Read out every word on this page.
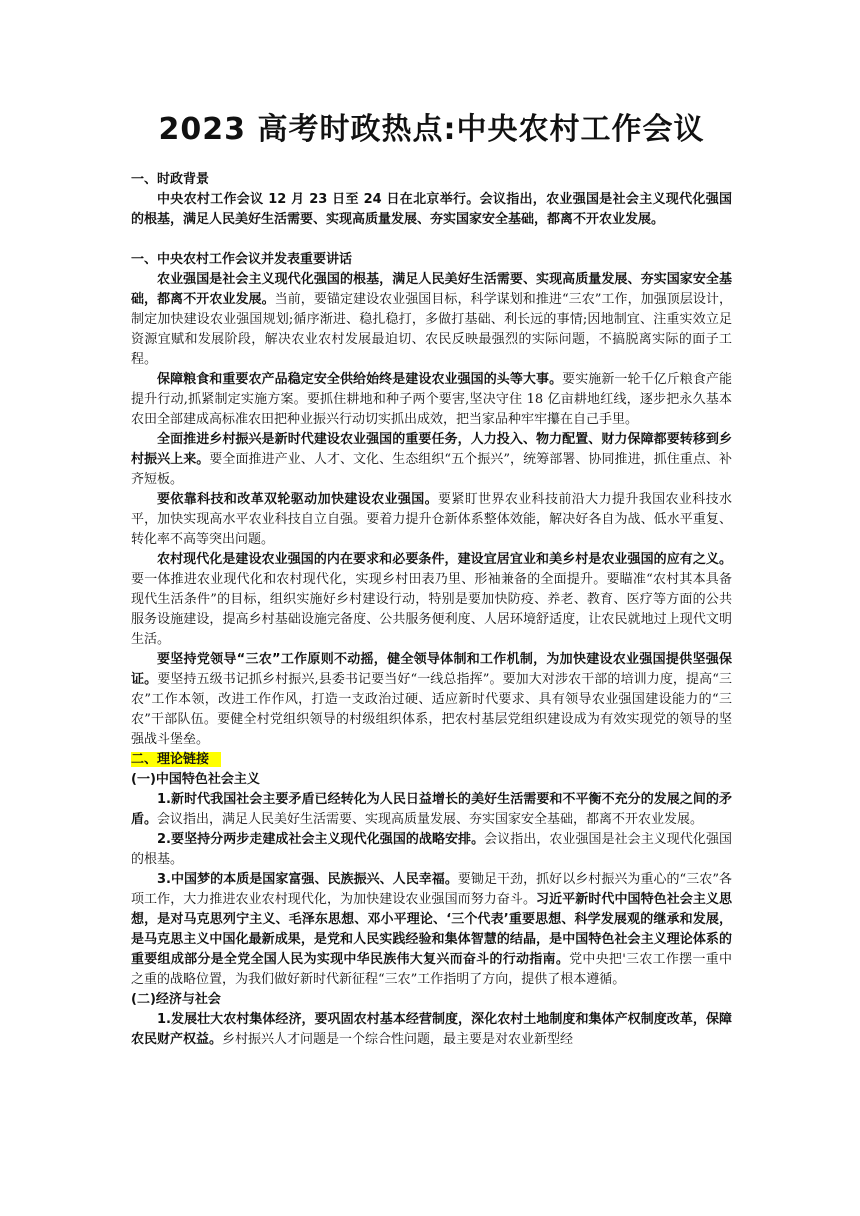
2023 高考时政热点:中央农村工作会议

一、时政背景

中央农村工作会议 12 月 23 日至 24 日在北京举行。会议指出，农业强国是社会主义现代化强国的根基，满足人民美好生活需要、实现高质量发展、夯实国家安全基础，都离不开农业发展。

一、中央农村工作会议并发表重要讲话

农业强国是社会主义现代化强国的根基，满足人民美好生活需要、实现高质量发展、夯实国家安全基础，都离不开农业发展。当前，要锚定建设农业强国目标，科学谋划和推进“三农”工作，加强顶层设计，制定加快建设农业强国规划;循序渐进、稳扎稳打，多做打基础、利长远的事情;因地制宜、注重实效立足资源宜赋和发展阶段，解决农业农村发展最迫切、农民反映最强烈的实际问题，不搞脱离实际的面子工程。

保障粮食和重要农产品稳定安全供给始终是建设农业强国的头等大事。要实施新一轮千亿斤粮食产能提升行动,抓紧制定实施方案。要抓住耕地和种子两个要害,坚决守住 18 亿亩耕地红线，逐步把永久基本农田全部建成高标准农田把种业振兴行动切实抓出成效，把当家品种牢牢攥在自己手里。

全面推进乡村振兴是新时代建设农业强国的重要任务，人力投入、物力配置、财力保障都要转移到乡村振兴上来。要全面推进产业、人才、文化、生态组织“五个振兴”，统筹部署、协同推进，抓住重点、补齐短板。

要依靠科技和改革双轮驱动加快建设农业强国。要紧盯世界农业科技前沿大力提升我国农业科技水平，加快实现高水平农业科技自立自强。要着力提升仓新体系整体效能，解决好各自为战、低水平重复、转化率不高等突出问题。

农村现代化是建设农业强国的内在要求和必要条件，建设宜居宜业和美乡村是农业强国的应有之义。要一体推进农业现代化和农村现代化，实现乡村田表乃里、形袖兼备的全面提升。要瞄准“农村其本具备现代生活条件”的目标，组织实施好乡村建设行动，特别是要加快防疫、养老、教育、医疗等方面的公共服务设施建设，提高乡村基础设施完备度、公共服务便利度、人居环境舒适度，让农民就地过上现代文明生活。

要坚持党领导“三农”工作原则不动摇，健全领导体制和工作机制，为加快建设农业强国提供坚强保证。要坚持五级书记抓乡村振兴,县委书记要当好“一线总指挥”。要加大对涉农干部的培训力度，提高“三农”工作本领，改进工作作风，打造一支政治过硬、适应新时代要求、具有领导农业强国建设能力的“三农”干部队伍。要健全村党组织领导的村级组织体系，把农村基层党组织建设成为有效实现党的领导的坚强战斗堡垒。

二、理论链接

(一)中国特色社会主义

1.新时代我国社会主要矛盾已经转化为人民日益增长的美好生活需要和不平衡不充分的发展之间的矛盾。会议指出，满足人民美好生活需要、实现高质量发展、夯实国家安全基础，都离不开农业发展。

2.要坚持分两步走建成社会主义现代化强国的战略安排。会议指出，农业强国是社会主义现代化强国的根基。

3.中国梦的本质是国家富强、民族振兴、人民幸福。要锄足干劲，抓好以乡村振兴为重心的“三农”各项工作，大力推进农业农村现代化，为加快建设农业强国而努力奋斗。习近平新时代中国特色社会主义思想，是对马克思列宁主义、毛泽东思想、邓小平理论、‘三个代表’重要思想、科学发展观的继承和发展，是马克思主义中国化最新成果，是党和人民实践经验和集体智慧的结晶，是中国特色社会主义理论体系的重要组成部分是全党全国人民为实现中华民族伟大复兴而奋斗的行动指南。党中央把'三农工作摆一重中之重的战略位置，为我们做好新时代新征程“三农”工作指明了方向，提供了根本遵循。

(二)经济与社会

1.发展壮大农村集体经济，要巩固农村基本经营制度，深化农村土地制度和集体产权制度改革，保障农民财产权益。乡村振兴人才问题是一个综合性问题，最主要是对农业新型经
